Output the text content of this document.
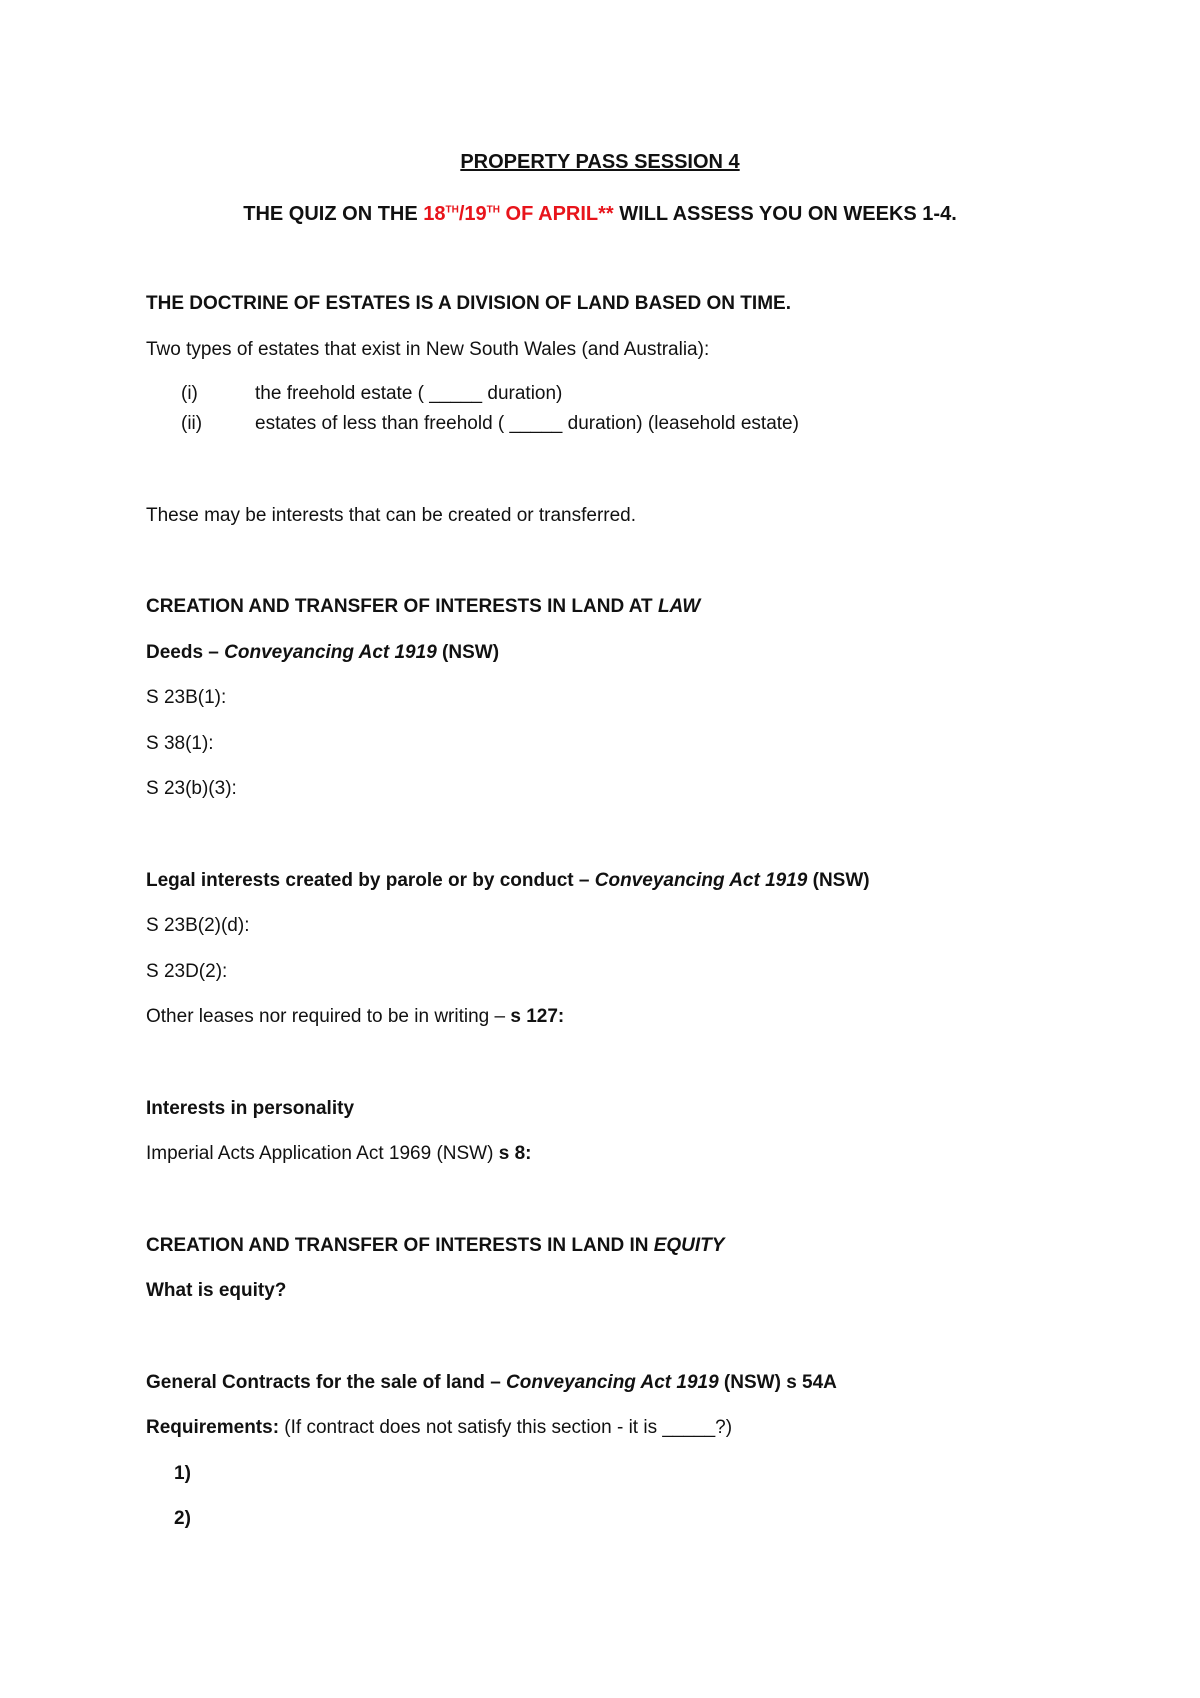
PROPERTY PASS SESSION 4
THE QUIZ ON THE 18TH/19TH OF APRIL** WILL ASSESS YOU ON WEEKS 1-4.
THE DOCTRINE OF ESTATES IS A DIVISION OF LAND BASED ON TIME.
Two types of estates that exist in New South Wales (and Australia):
(i)	the freehold estate ( _____ duration)
(ii)	estates of less than freehold ( _____ duration) (leasehold estate)
These may be interests that can be created or transferred.
CREATION AND TRANSFER OF INTERESTS IN LAND AT LAW
Deeds – Conveyancing Act 1919 (NSW)
S 23B(1):
S 38(1):
S 23(b)(3):
Legal interests created by parole or by conduct – Conveyancing Act 1919 (NSW)
S 23B(2)(d):
S 23D(2):
Other leases nor required to be in writing – s 127:
Interests in personality
Imperial Acts Application Act 1969 (NSW) s 8:
CREATION AND TRANSFER OF INTERESTS IN LAND IN EQUITY
What is equity?
General Contracts for the sale of land – Conveyancing Act 1919 (NSW) s 54A
Requirements: (If contract does not satisfy this section - it is _____?)
1)
2)
